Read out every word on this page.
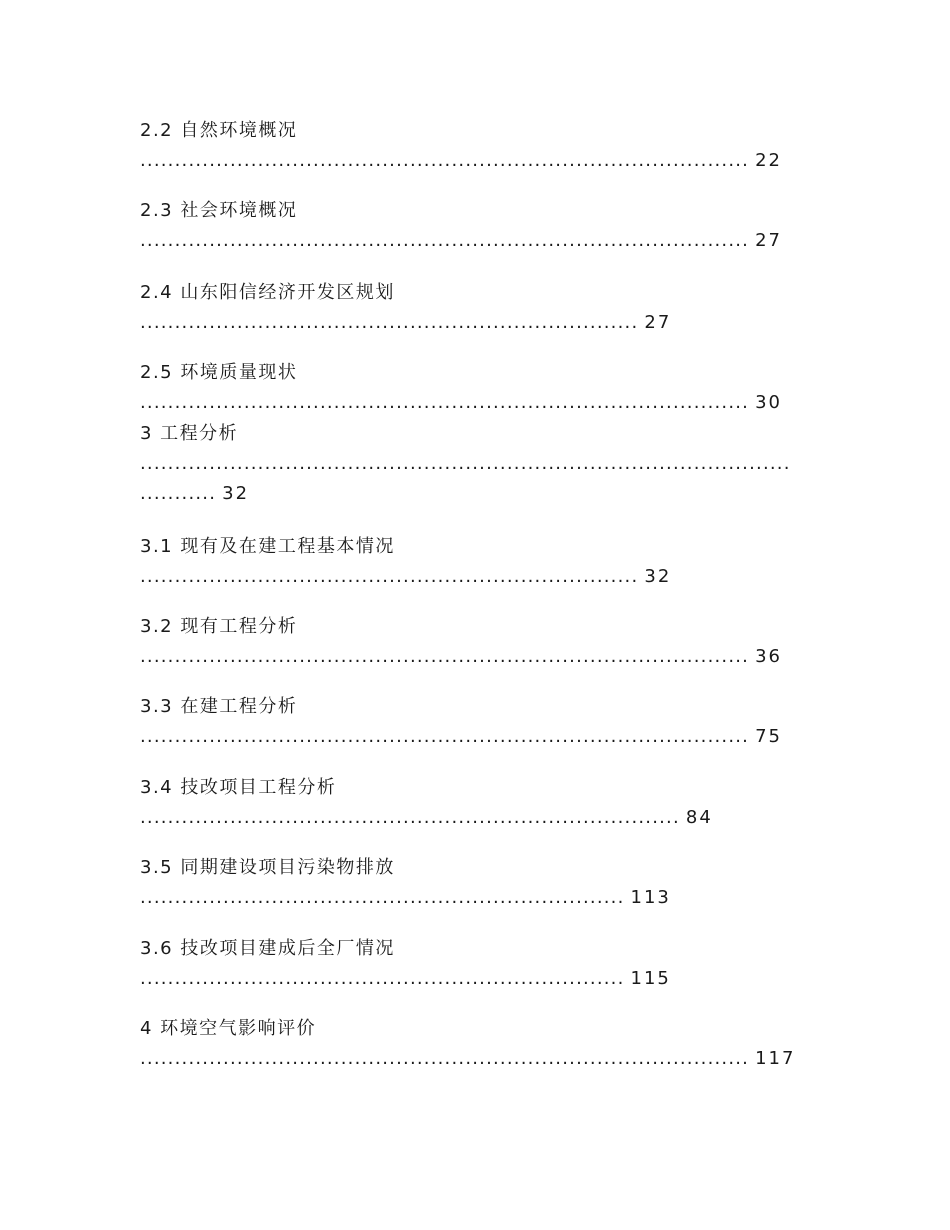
2.2 自然环境概况
........................................................................................ 22
2.3 社会环境概况
........................................................................................ 27
2.4 山东阳信经济开发区规划
........................................................................ 27
2.5 环境质量现状
........................................................................................ 30
3 工程分析
..............................................................................................
........... 32
3.1 现有及在建工程基本情况
........................................................................ 32
3.2 现有工程分析
........................................................................................ 36
3.3 在建工程分析
........................................................................................ 75
3.4 技改项目工程分析
.............................................................................. 84
3.5 同期建设项目污染物排放
...................................................................... 113
3.6 技改项目建成后全厂情况
...................................................................... 115
4 环境空气影响评价
........................................................................................ 117
